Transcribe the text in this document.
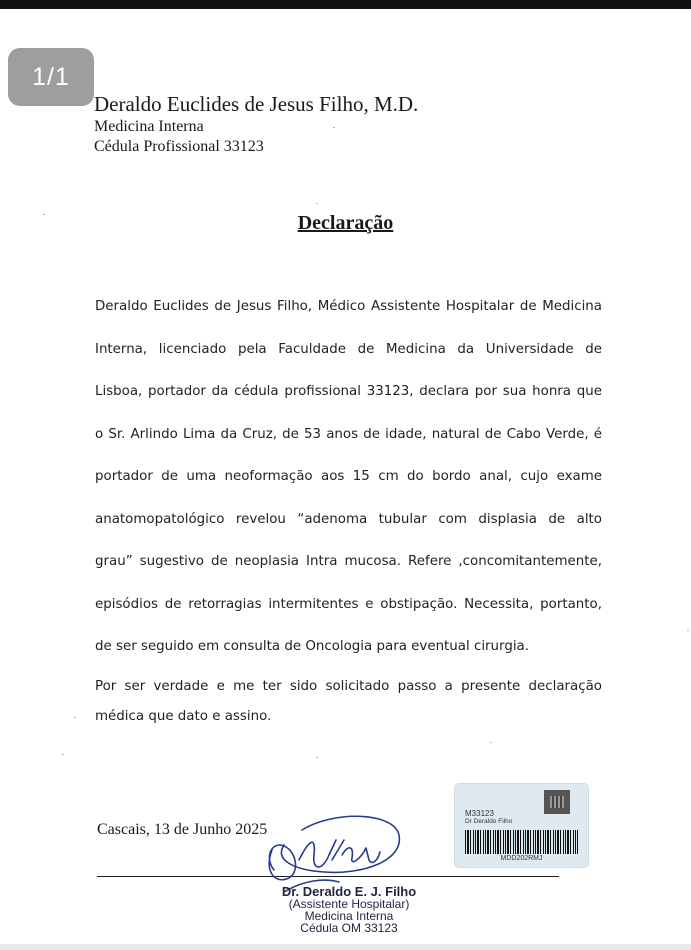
1/1
Deraldo Euclides de Jesus Filho, M.D.
Medicina Interna
Cédula Profissional 33123
Declaração
Deraldo Euclides de Jesus Filho, Médico Assistente Hospitalar de Medicina
Interna, licenciado pela Faculdade de Medicina da Universidade de
Lisboa, portador da cédula profissional 33123, declara por sua honra que
o Sr. Arlindo Lima da Cruz, de 53 anos de idade, natural de Cabo Verde, é
portador de uma neoformação aos 15 cm do bordo anal, cujo exame
anatomopatológico revelou “adenoma tubular com displasia de alto
grau” sugestivo de neoplasia Intra mucosa. Refere ,concomitantemente,
episódios de retorragias intermitentes e obstipação. Necessita, portanto,
de ser seguido em consulta de Oncologia para eventual cirurgia.
Por ser verdade e me ter sido solicitado passo a presente declaração
médica que dato e assino.
Cascais, 13 de Junho 2025
Dr. Deraldo E. J. Filho
(Assistente Hospitalar)
Medicina Interna
Cédula OM 33123
M33123
Dr Deraldo Filho
MDD202RMJ
